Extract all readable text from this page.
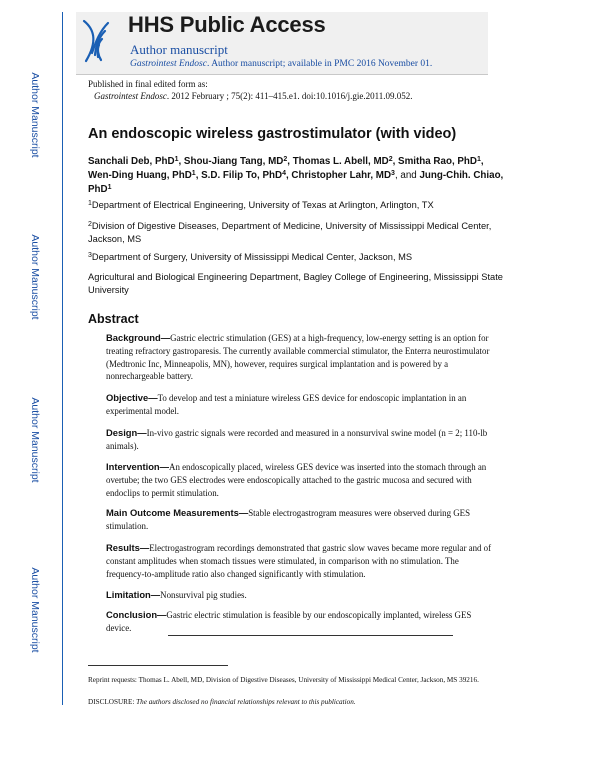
HHS Public Access
Author manuscript
Gastrointest Endosc. Author manuscript; available in PMC 2016 November 01.
Author Manuscript
Author Manuscript
Author Manuscript
Author Manuscript
Published in final edited form as:
Gastrointest Endosc. 2012 February ; 75(2): 411–415.e1. doi:10.1016/j.gie.2011.09.052.
An endoscopic wireless gastrostimulator (with video)
Sanchali Deb, PhD$^1$, Shou-Jiang Tang, $MD^2$, Thomas L. Abell, $MD^2$, Smitha Rao, PhD$^1$, Wen-Ding Huang, PhD$^1$, S.D. Filip To, PhD$^4$, Christopher Lahr, $MD^3$, and Jung-Chih. Chiao, PhD$^1$
$^1$Department of Electrical Engineering, University of Texas at Arlington, Arlington, TX
$^2$Division of Digestive Diseases, Department of Medicine, University of Mississippi Medical Center, Jackson, MS
$^3$Department of Surgery, University of Mississippi Medical Center, Jackson, MS
Agricultural and Biological Engineering Department, Bagley College of Engineering, Mississippi State University
Abstract
Background—Gastric electric stimulation (GES) at a high-frequency, low-energy setting is an option for treating refractory gastroparesis. The currently available commercial stimulator, the Enterra neurostimulator (Medtronic Inc, Minneapolis, MN), however, requires surgical implantation and is powered by a nonrechargeable battery.
Objective—To develop and test a miniature wireless GES device for endoscopic implantation in an experimental model.
Design—In-vivo gastric signals were recorded and measured in a nonsurvival swine model (n = 2; 110-lb animals).
Intervention—An endoscopically placed, wireless GES device was inserted into the stomach through an overtube; the two GES electrodes were endoscopically attached to the gastric mucosa and secured with endoclips to permit stimulation.
Main Outcome Measurements—Stable electrogastrogram measures were observed during GES stimulation.
Results—Electrogastrogram recordings demonstrated that gastric slow waves became more regular and of constant amplitudes when stomach tissues were stimulated, in comparison with no stimulation. The frequency-to-amplitude ratio also changed significantly with stimulation.
Limitation—Nonsurvival pig studies.
Conclusion—Gastric electric stimulation is feasible by our endoscopically implanted, wireless GES device.
Reprint requests: Thomas L. Abell, MD, Division of Digestive Diseases, University of Mississippi Medical Center, Jackson, MS 39216.
DISCLOSURE: The authors disclosed no financial relationships relevant to this publication.
